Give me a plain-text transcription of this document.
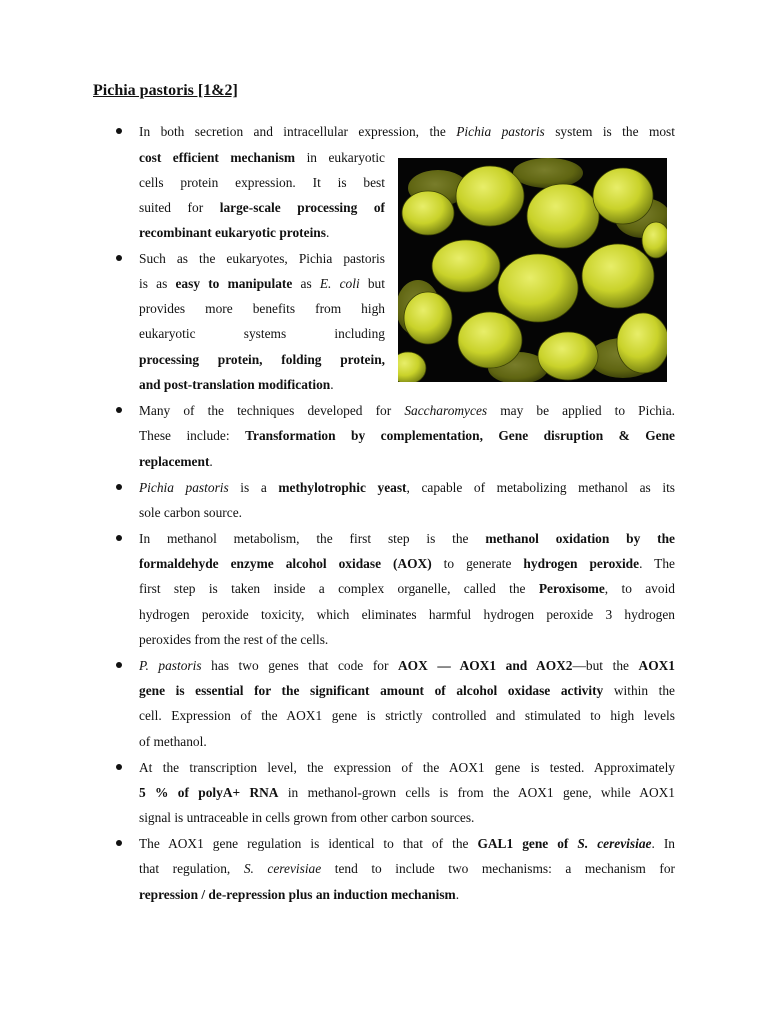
Pichia pastoris [1&2]
In both secretion and intracellular expression, the Pichia pastoris system is the most
cost efficient mechanism in eukaryotic
cells protein expression. It is best
suited for large-scale processing of
recombinant eukaryotic proteins.
Such as the eukaryotes, Pichia pastoris
is as easy to manipulate as E. coli but
provides more benefits from high
eukaryotic systems including
processing protein, folding protein,
and post-translation modification.
Many of the techniques developed for Saccharomyces may be applied to Pichia.
These include: Transformation by complementation, Gene disruption & Gene
replacement.
Pichia pastoris is a methylotrophic yeast, capable of metabolizing methanol as its
sole carbon source.
In methanol metabolism, the first step is the methanol oxidation by the
formaldehyde enzyme alcohol oxidase (AOX) to generate hydrogen peroxide. The
first step is taken inside a complex organelle, called the Peroxisome, to avoid
hydrogen peroxide toxicity, which eliminates harmful hydrogen peroxide 3 hydrogen
peroxides from the rest of the cells.
P. pastoris has two genes that code for AOX — AOX1 and AOX2—but the AOX1
gene is essential for the significant amount of alcohol oxidase activity within the
cell. Expression of the AOX1 gene is strictly controlled and stimulated to high levels
of methanol.
At the transcription level, the expression of the AOX1 gene is tested. Approximately
5 % of polyA+ RNA in methanol-grown cells is from the AOX1 gene, while AOX1
signal is untraceable in cells grown from other carbon sources.
The AOX1 gene regulation is identical to that of the GAL1 gene of S. cerevisiae. In
that regulation, S. cerevisiae tend to include two mechanisms: a mechanism for
repression / de-repression plus an induction mechanism.
